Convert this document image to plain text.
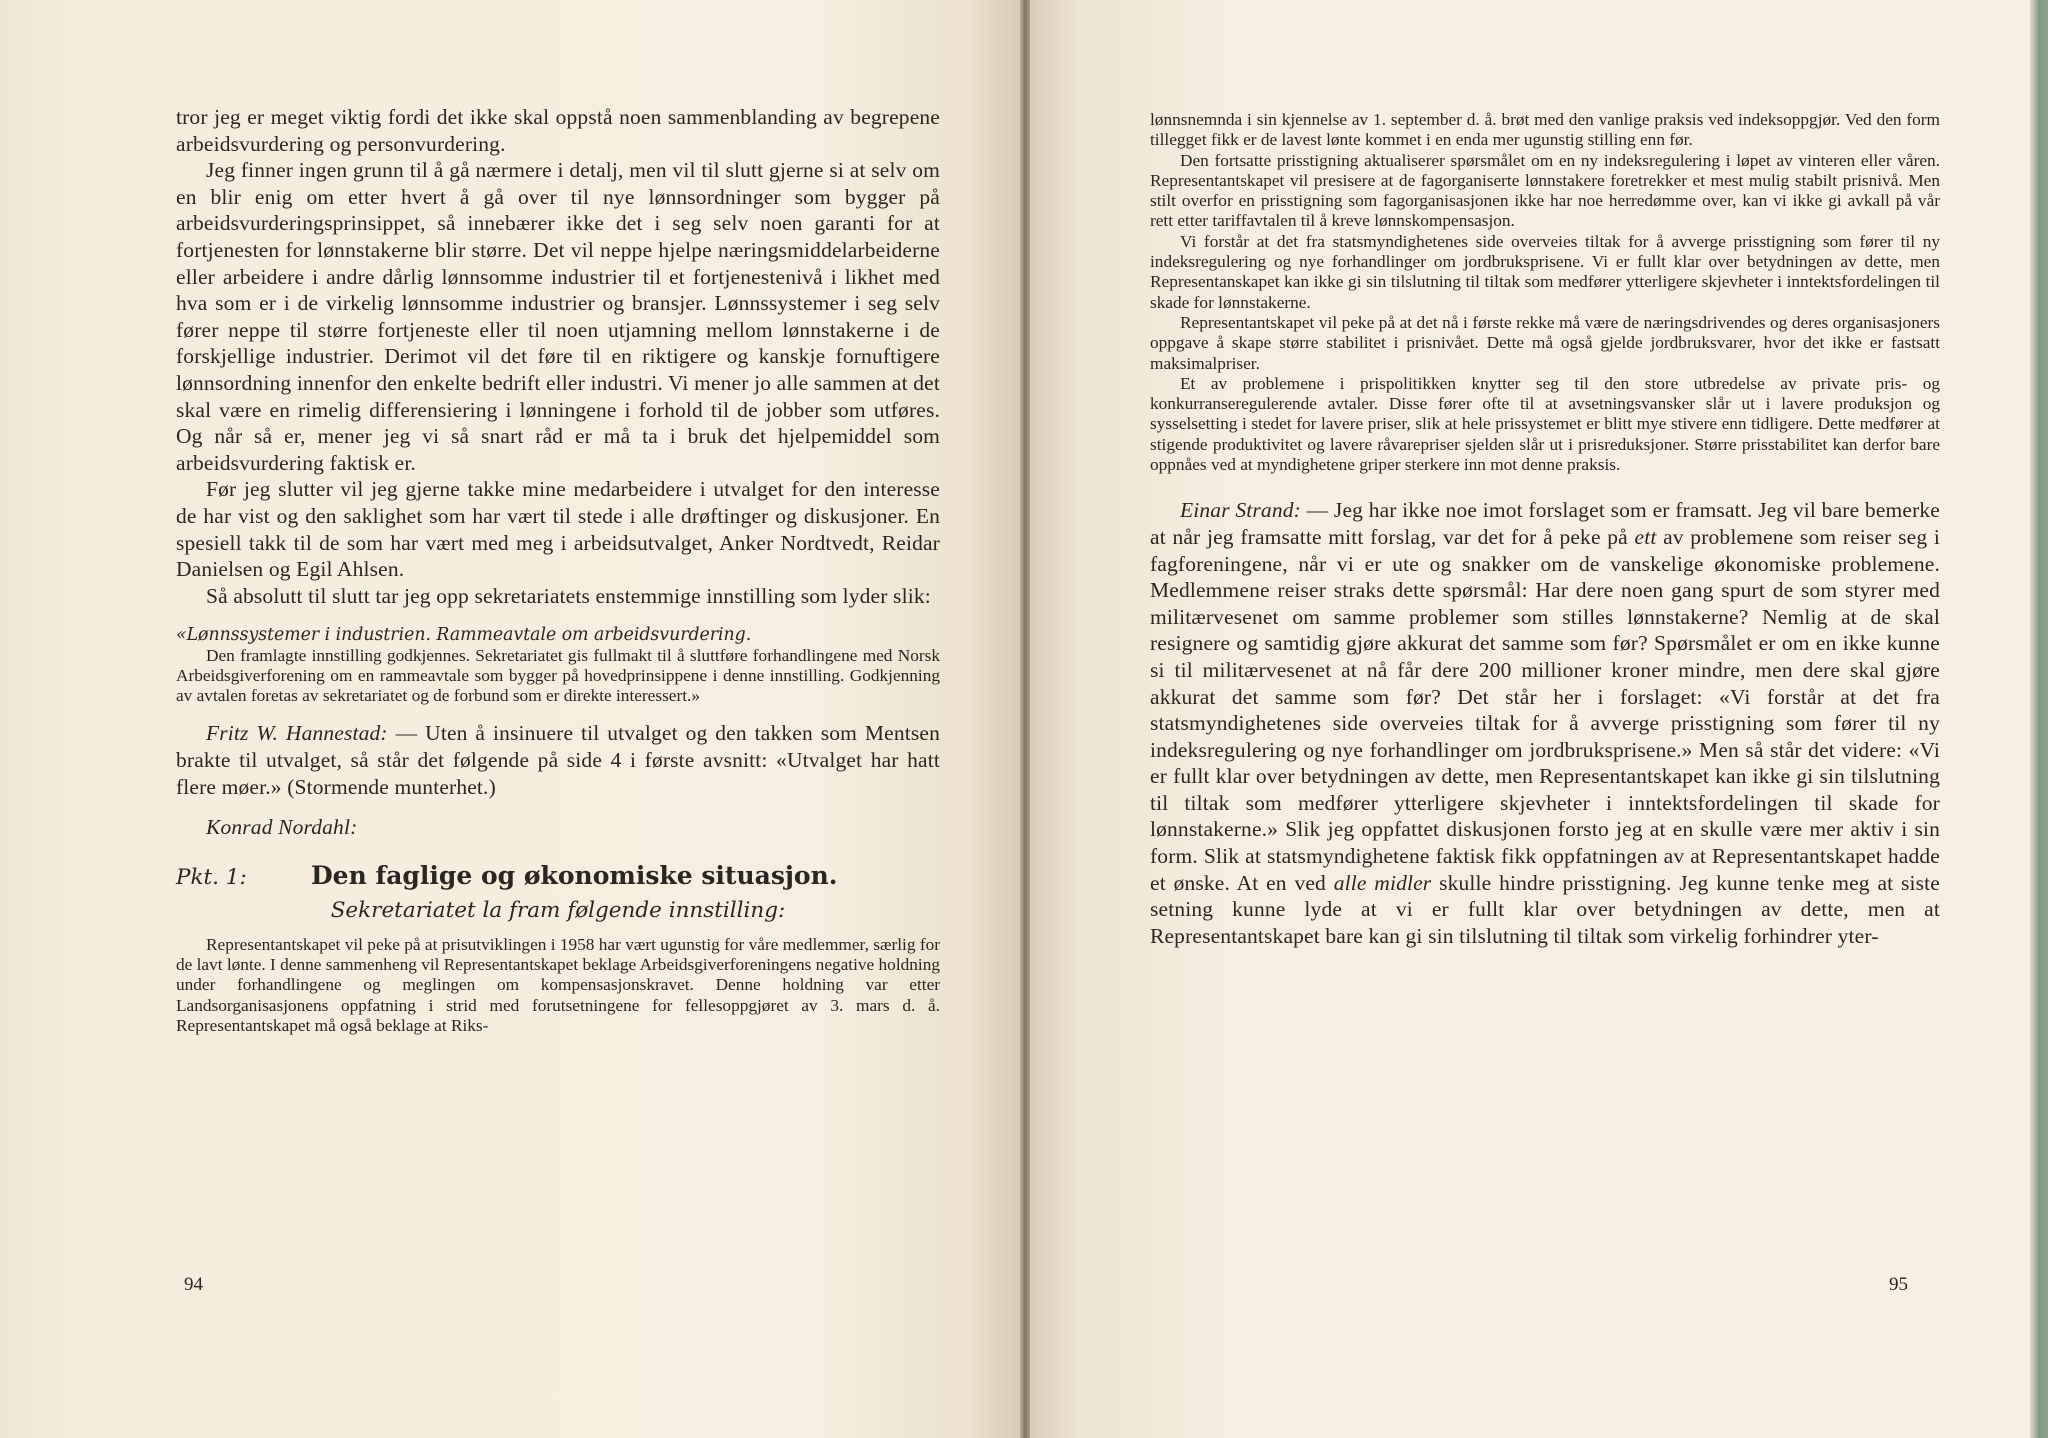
tror jeg er meget viktig fordi det ikke skal oppstå noen sammenblanding av begrepene arbeidsvurdering og personvurdering.

Jeg finner ingen grunn til å gå nærmere i detalj, men vil til slutt gjerne si at selv om en blir enig om etter hvert å gå over til nye lønnsordninger som bygger på arbeidsvurderingsprinsippet, så innebærer ikke det i seg selv noen garanti for at fortjenesten for lønnstakerne blir større. Det vil neppe hjelpe næringsmiddelarbeiderne eller arbeidere i andre dårlig lønnsomme industrier til et fortjenestenivå i likhet med hva som er i de virkelig lønnsomme industrier og bransjer. Lønnssystemer i seg selv fører neppe til større fortjeneste eller til noen utjamning mellom lønnstakerne i de forskjellige industrier. Derimot vil det føre til en riktigere og kanskje fornuftigere lønnsordning innenfor den enkelte bedrift eller industri. Vi mener jo alle sammen at det skal være en rimelig differensiering i lønningene i forhold til de jobber som utføres. Og når så er, mener jeg vi så snart råd er må ta i bruk det hjelpemiddel som arbeidsvurdering faktisk er.

Før jeg slutter vil jeg gjerne takke mine medarbeidere i utvalget for den interesse de har vist og den saklighet som har vært til stede i alle drøftinger og diskusjoner. En spesiell takk til de som har vært med meg i arbeidsutvalget, Anker Nordtvedt, Reidar Danielsen og Egil Ahlsen.

Så absolutt til slutt tar jeg opp sekretariatets enstemmige innstilling som lyder slik:

«Lønnssystemer i industrien. Rammeavtale om arbeidsvurdering.

Den framlagte innstilling godkjennes. Sekretariatet gis fullmakt til å sluttføre forhandlingene med Norsk Arbeidsgiverforening om en rammeavtale som bygger på hovedprinsippene i denne innstilling. Godkjenning av avtalen foretas av sekretariatet og de forbund som er direkte interessert.»

Fritz W. Hannestad: — Uten å insinuere til utvalget og den takken som Mentsen brakte til utvalget, så står det følgende på side 4 i første avsnitt: «Utvalget har hatt flere møer.» (Stormende munterhet.)

Konrad Nordahl:

Pkt. 1:	Den faglige og økonomiske situasjon.

Sekretariatet la fram følgende innstilling:

Representantskapet vil peke på at prisutviklingen i 1958 har vært ugunstig for våre medlemmer, særlig for de lavt lønte. I denne sammenheng vil Representantskapet beklage Arbeidsgiverforeningens negative holdning under forhandlingene og meglingen om kompensasjonskravet. Denne holdning var etter Landsorganisasjonens oppfatning i strid med forutsetningene for fellesoppgjøret av 3. mars d. å. Representantskapet må også beklage at Riks-

94

lønnsnemnda i sin kjennelse av 1. september d. å. brøt med den vanlige praksis ved indeksoppgjør. Ved den form tillegget fikk er de lavest lønte kommet i en enda mer ugunstig stilling enn før.

Den fortsatte prisstigning aktualiserer spørsmålet om en ny indeksregulering i løpet av vinteren eller våren. Representantskapet vil presisere at de fagorganiserte lønnstakere foretrekker et mest mulig stabilt prisnivå. Men stilt overfor en prisstigning som fagorganisasjonen ikke har noe herredømme over, kan vi ikke gi avkall på vår rett etter tariffavtalen til å kreve lønnskompensasjon.

Vi forstår at det fra statsmyndighetenes side overveies tiltak for å avverge prisstigning som fører til ny indeksregulering og nye forhandlinger om jordbruksprisene. Vi er fullt klar over betydningen av dette, men Representanskapet kan ikke gi sin tilslutning til tiltak som medfører ytterligere skjevheter i inntektsfordelingen til skade for lønnstakerne.

Representantskapet vil peke på at det nå i første rekke må være de næringsdrivendes og deres organisasjoners oppgave å skape større stabilitet i prisnivået. Dette må også gjelde jordbruksvarer, hvor det ikke er fastsatt maksimalpriser.

Et av problemene i prispolitikken knytter seg til den store utbredelse av private pris- og konkurranseregulerende avtaler. Disse fører ofte til at avsetningsvansker slår ut i lavere produksjon og sysselsetting i stedet for lavere priser, slik at hele prissystemet er blitt mye stivere enn tidligere. Dette medfører at stigende produktivitet og lavere råvarepriser sjelden slår ut i prisreduksjoner. Større prisstabilitet kan derfor bare oppnåes ved at myndighetene griper sterkere inn mot denne praksis.

Einar Strand: — Jeg har ikke noe imot forslaget som er framsatt. Jeg vil bare bemerke at når jeg framsatte mitt forslag, var det for å peke på ett av problemene som reiser seg i fagforeningene, når vi er ute og snakker om de vanskelige økonomiske problemene. Medlemmene reiser straks dette spørsmål: Har dere noen gang spurt de som styrer med militærvesenet om samme problemer som stilles lønnstakerne? Nemlig at de skal resignere og samtidig gjøre akkurat det samme som før? Spørsmålet er om en ikke kunne si til militærvesenet at nå får dere 200 millioner kroner mindre, men dere skal gjøre akkurat det samme som før? Det står her i forslaget: «Vi forstår at det fra statsmyndighetenes side overveies tiltak for å avverge prisstigning som fører til ny indeksregulering og nye forhandlinger om jordbruksprisene.» Men så står det videre: «Vi er fullt klar over betydningen av dette, men Representantskapet kan ikke gi sin tilslutning til tiltak som medfører ytterligere skjevheter i inntektsfordelingen til skade for lønnstakerne.» Slik jeg oppfattet diskusjonen forsto jeg at en skulle være mer aktiv i sin form. Slik at statsmyndighetene faktisk fikk oppfatningen av at Representantskapet hadde et ønske. At en ved alle midler skulle hindre prisstigning. Jeg kunne tenke meg at siste setning kunne lyde at vi er fullt klar over betydningen av dette, men at Representantskapet bare kan gi sin tilslutning til tiltak som virkelig forhindrer yter-

95
